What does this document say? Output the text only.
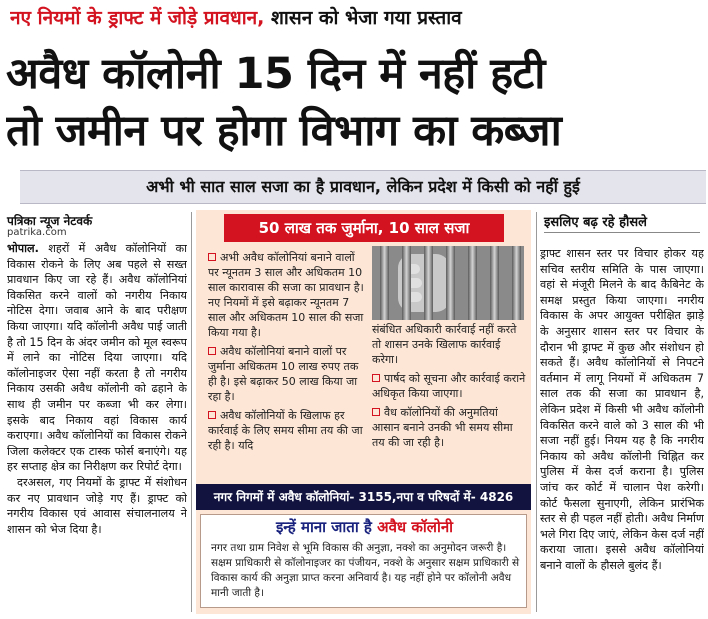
नए नियमों के ड्राफ्ट में जोड़े प्रावधान, शासन को भेजा गया प्रस्ताव
अवैध कॉलोनी 15 दिन में नहीं हटी
तो जमीन पर होगा विभाग का कब्जा
अभी भी सात साल सजा का है प्रावधान, लेकिन प्रदेश में किसी को नहीं हुई
पत्रिका न्यूज नेटवर्क
patrika.com

भोपाल. शहरों में अवैध कॉलोनियों का विकास रोकने के लिए अब पहले से सख्त प्रावधान किए जा रहे हैं। अवैध कॉलोनियां विकसित करने वालों को नगरीय निकाय नोटिस देगा। जवाब आने के बाद परीक्षण किया जाएगा। यदि कॉलोनी अवैध पाई जाती है तो 15 दिन के अंदर जमीन को मूल स्वरूप में लाने का नोटिस दिया जाएगा। यदि कॉलोनाइजर ऐसा नहीं करता है तो नगरीय निकाय उसकी अवैध कॉलोनी को ढहाने के साथ ही जमीन पर कब्जा भी कर लेगा। इसके बाद निकाय वहां विकास कार्य कराएगा। अवैध कॉलोनियों का विकास रोकने जिला कलेक्टर एक टास्क फोर्स बनाएंगे। यह हर सप्ताह क्षेत्र का निरीक्षण कर रिपोर्ट देगा।

दरअसल, गए नियमों के ड्राफ्ट में संशोधन कर नए प्रावधान जोड़े गए हैं। ड्राफ्ट को नगरीय विकास एवं आवास संचालनालय ने शासन को भेज दिया है।

50 लाख तक जुर्माना, 10 साल सजा
अभी अवैध कॉलोनियां बनाने वालों पर न्यूनतम 3 साल और अधिकतम 10 साल कारावास की सजा का प्रावधान है। नए नियमों में इसे बढ़ाकर न्यूनतम 7 साल और अधिकतम 10 साल की सजा किया गया है।
अवैध कॉलोनियां बनाने वालों पर जुर्माना अधिकतम 10 लाख रुपए तक ही है। इसे बढ़ाकर 50 लाख किया जा रहा है।
अवैध कॉलोनियों के खिलाफ हर कार्रवाई के लिए समय सीमा तय की जा रही है। यदि
संबंधित अधिकारी कार्रवाई नहीं करते तो शासन उनके खिलाफ कार्रवाई करेगा।
पार्षद को सूचना और कार्रवाई कराने अधिकृत किया जाएगा।
वैध कॉलोनियों की अनुमतियां आसान बनाने उनकी भी समय सीमा तय की जा रही है।
नगर निगमों में अवैध कॉलोनियां- 3155,नपा व परिषदों में- 4826
इन्हें माना जाता है अवैध कॉलोनी
नगर तथा ग्राम निवेश से भूमि विकास की अनुज्ञा, नक्शे का अनुमोदन जरूरी है। सक्षम प्राधिकारी से कॉलोनाइजर का पंजीयन, नक्शे के अनुसार सक्षम प्राधिकारी से विकास कार्य की अनुज्ञा प्राप्त करना अनिवार्य है। यह नहीं होने पर कॉलोनी अवैध मानी जाती है।
इसलिए बढ़ रहे हौसले

ड्राफ्ट शासन स्तर पर विचार होकर यह सचिव स्तरीय समिति के पास जाएगा। वहां से मंजूरी मिलने के बाद कैबिनेट के समक्ष प्रस्तुत किया जाएगा। नगरीय विकास के अपर आयुक्त परीक्षित झाड़े के अनुसार शासन स्तर पर विचार के दौरान भी ड्राफ्ट में कुछ और संशोधन हो सकते हैं। अवैध कॉलोनियों से निपटने वर्तमान में लागू नियमों में अधिकतम 7 साल तक की सजा का प्रावधान है, लेकिन प्रदेश में किसी भी अवैध कॉलोनी विकसित करने वाले को 3 साल की भी सजा नहीं हुई। नियम यह है कि नगरीय निकाय को अवैध कॉलोनी चिह्नित कर पुलिस में केस दर्ज कराना है। पुलिस जांच कर कोर्ट में चालान पेश करेगी। कोर्ट फैसला सुनाएगी, लेकिन प्रारंभिक स्तर से ही पहल नहीं होती। अवैध निर्माण भले गिरा दिए जाएं, लेकिन केस दर्ज नहीं कराया जाता। इससे अवैध कॉलोनियां बनाने वालों के हौसले बुलंद हैं।
